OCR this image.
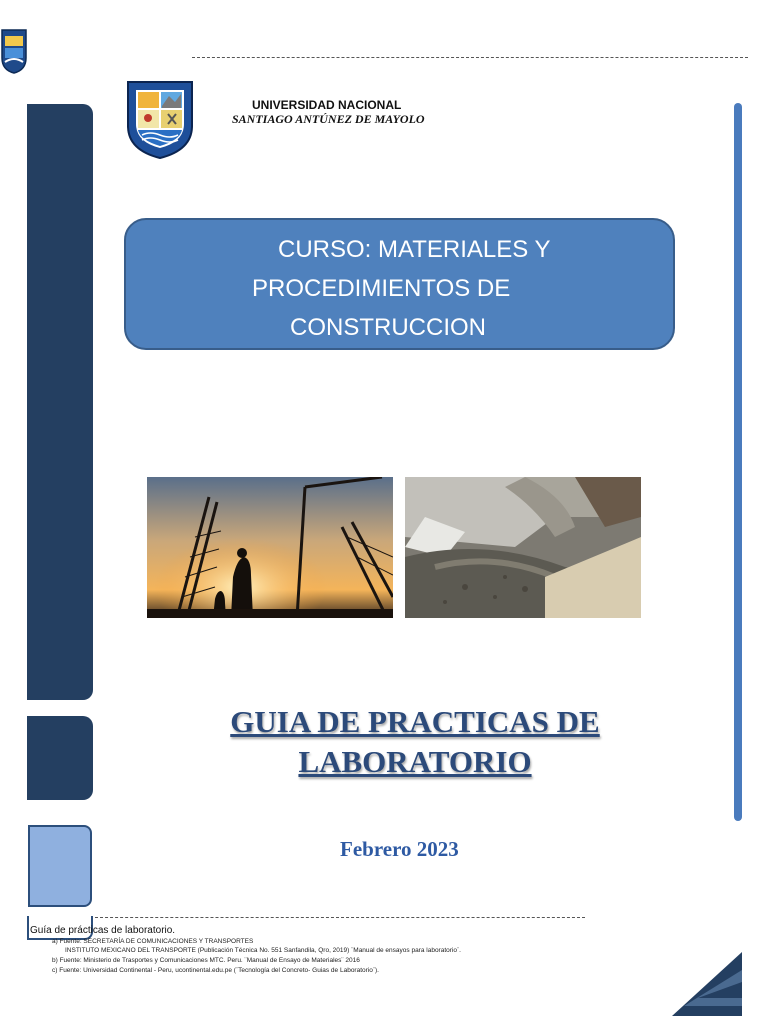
UNIVERSIDAD NACIONAL
SANTIAGO ANTÚNEZ DE MAYOLO
CURSO: MATERIALES Y
PROCEDIMIENTOS DE
CONSTRUCCION
GUIA DE PRACTICAS DE
LABORATORIO
Febrero 2023
Guía de prácticas de laboratorio.
a) Fuente: SECRETARÍA DE COMUNICACIONES Y TRANSPORTES
INSTITUTO MEXICANO DEL TRANSPORTE (Publicación Técnica No. 551 Sanfandila, Qro, 2019) ¨Manual de ensayos para laboratorio¨.
b) Fuente: Ministerio de Trasportes y Comunicaciones MTC. Peru. ¨Manual de Ensayo de Materiales¨ 2016
c) Fuente: Universidad Continental - Peru, ucontinental.edu.pe (¨Tecnología del Concreto- Guias de Laboratorio¨).
